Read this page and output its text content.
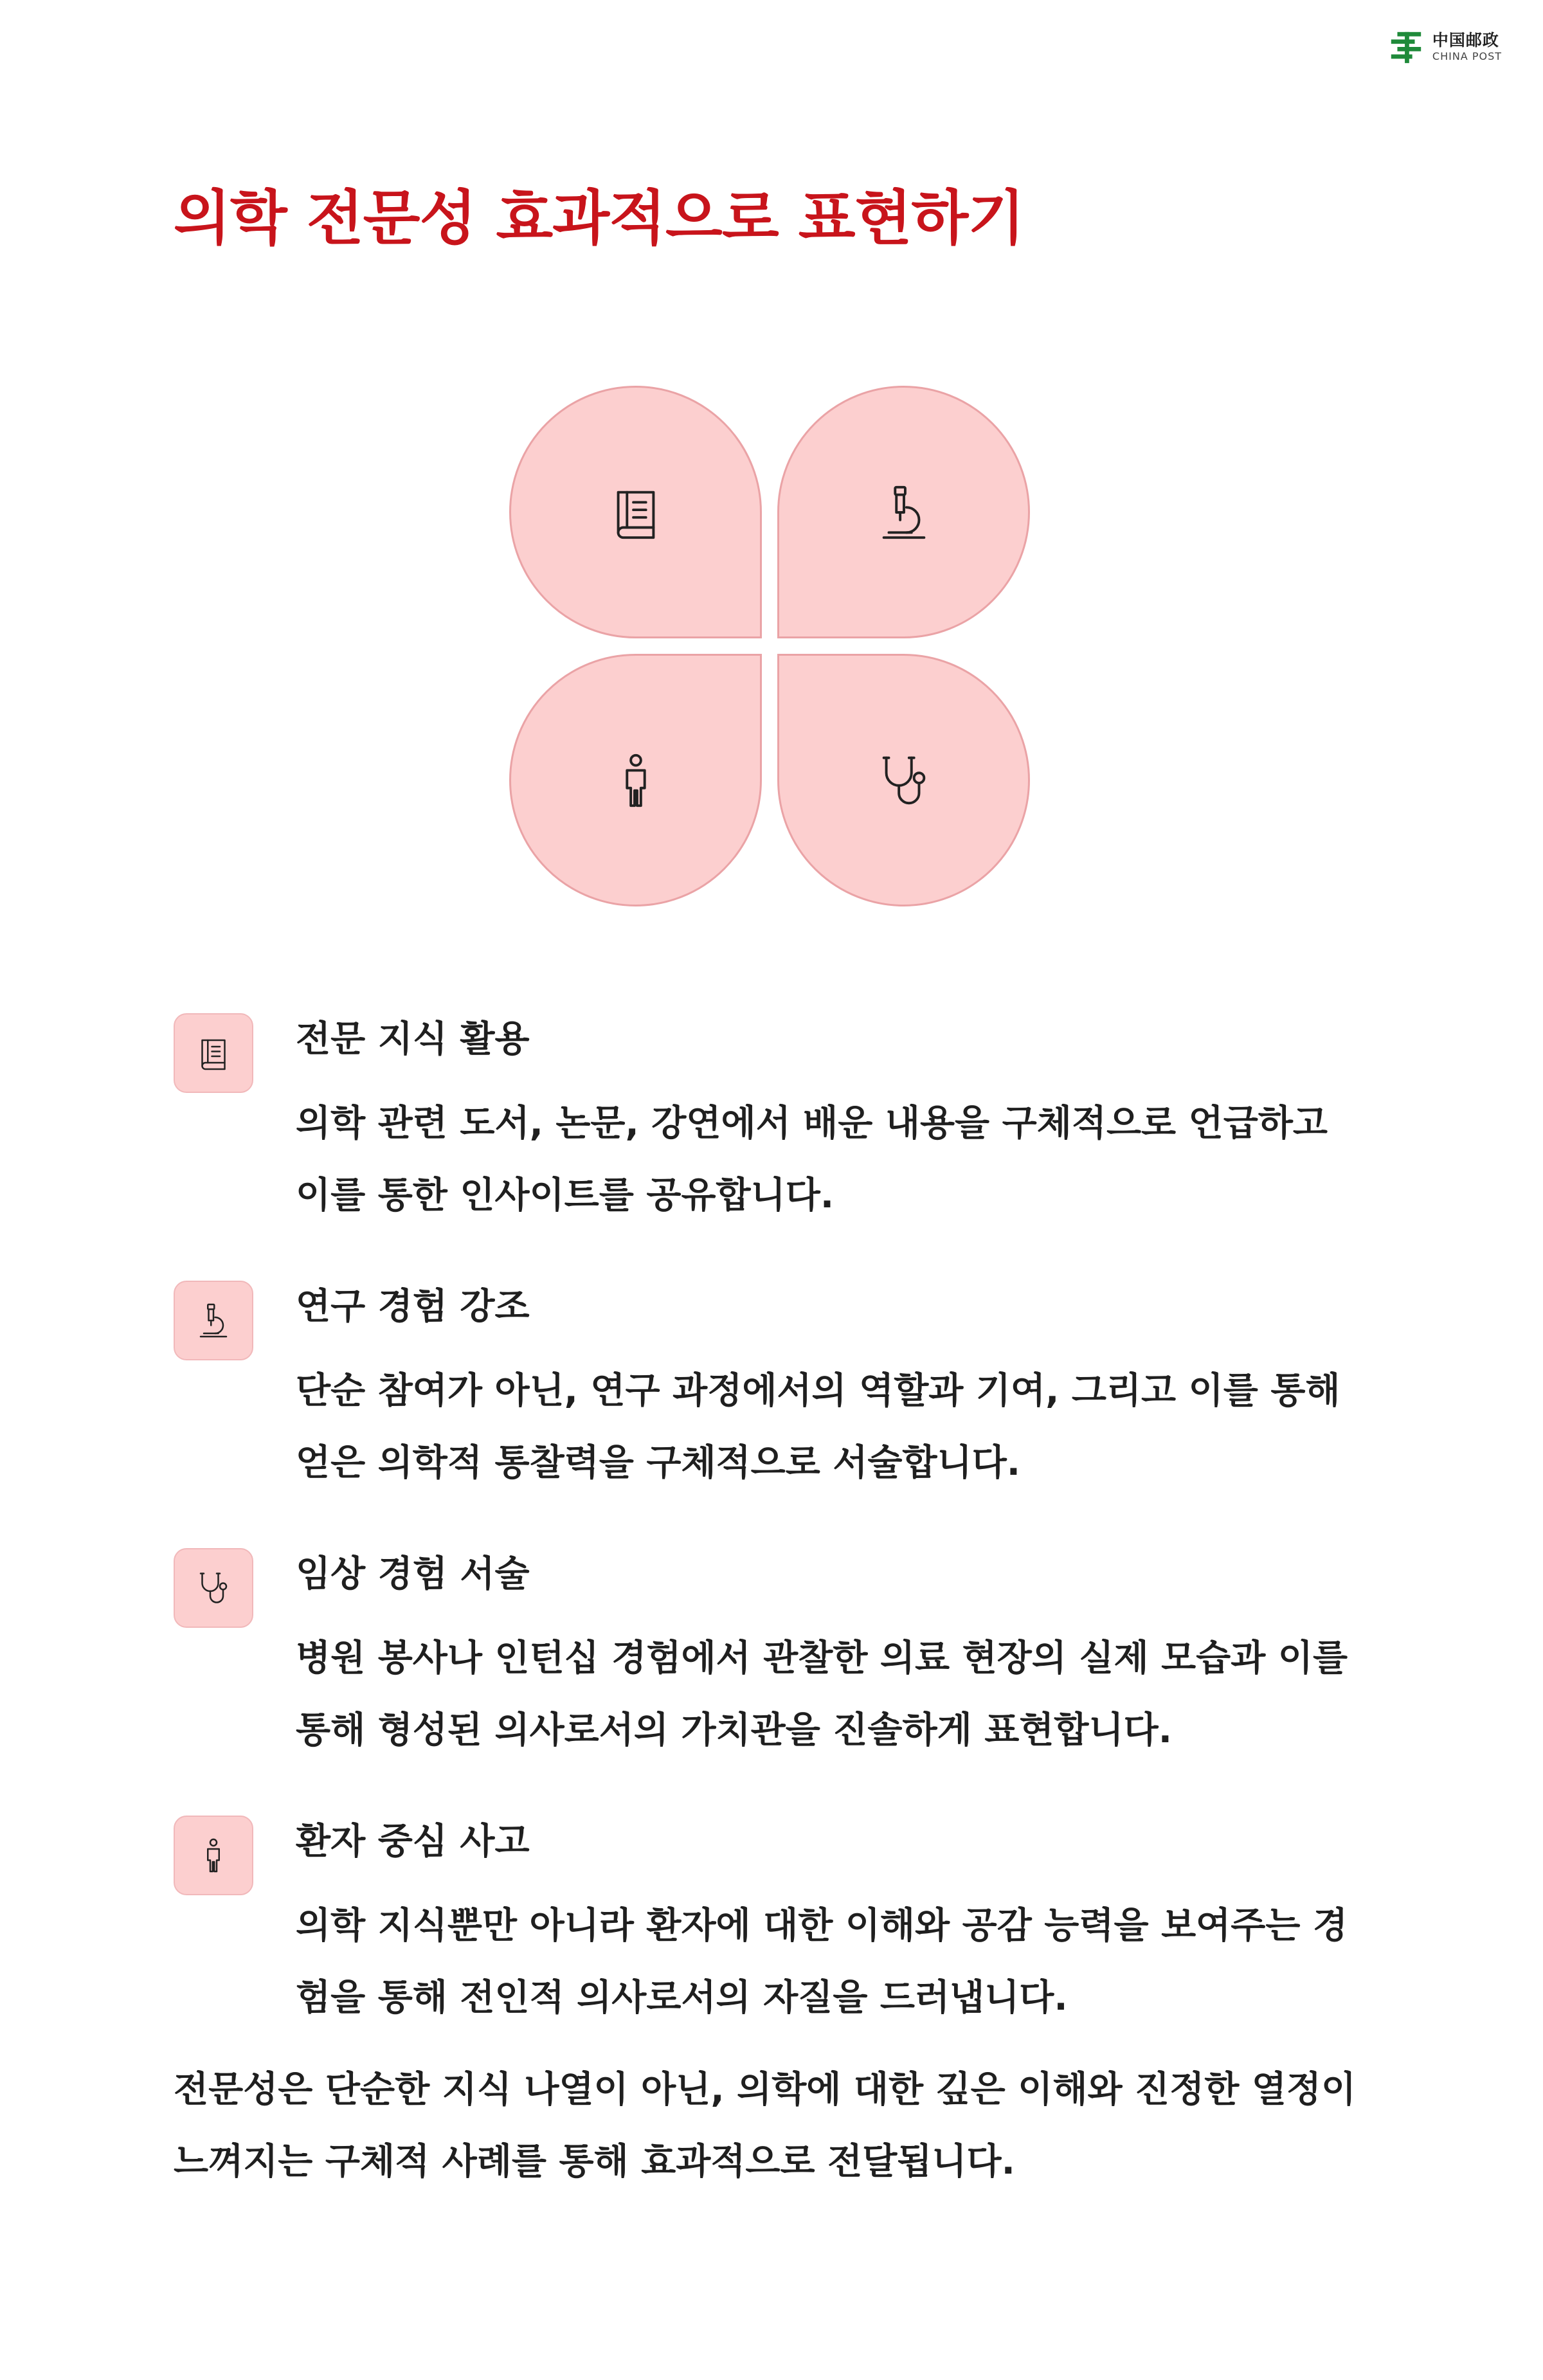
中国邮政
CHINA POST
의학 전문성 효과적으로 표현하기
전문 지식 활용

의학 관련 도서, 논문, 강연에서 배운 내용을 구체적으로 언급하고 이를 통한 인사이트를 공유합니다.

연구 경험 강조

단순 참여가 아닌, 연구 과정에서의 역할과 기여, 그리고 이를 통해 얻은 의학적 통찰력을 구체적으로 서술합니다.

임상 경험 서술

병원 봉사나 인턴십 경험에서 관찰한 의료 현장의 실제 모습과 이를 통해 형성된 의사로서의 가치관을 진솔하게 표현합니다.

환자 중심 사고

의학 지식뿐만 아니라 환자에 대한 이해와 공감 능력을 보여주는 경험을 통해 전인적 의사로서의 자질을 드러냅니다.

전문성은 단순한 지식 나열이 아닌, 의학에 대한 깊은 이해와 진정한 열정이 느껴지는 구체적 사례를 통해 효과적으로 전달됩니다.
